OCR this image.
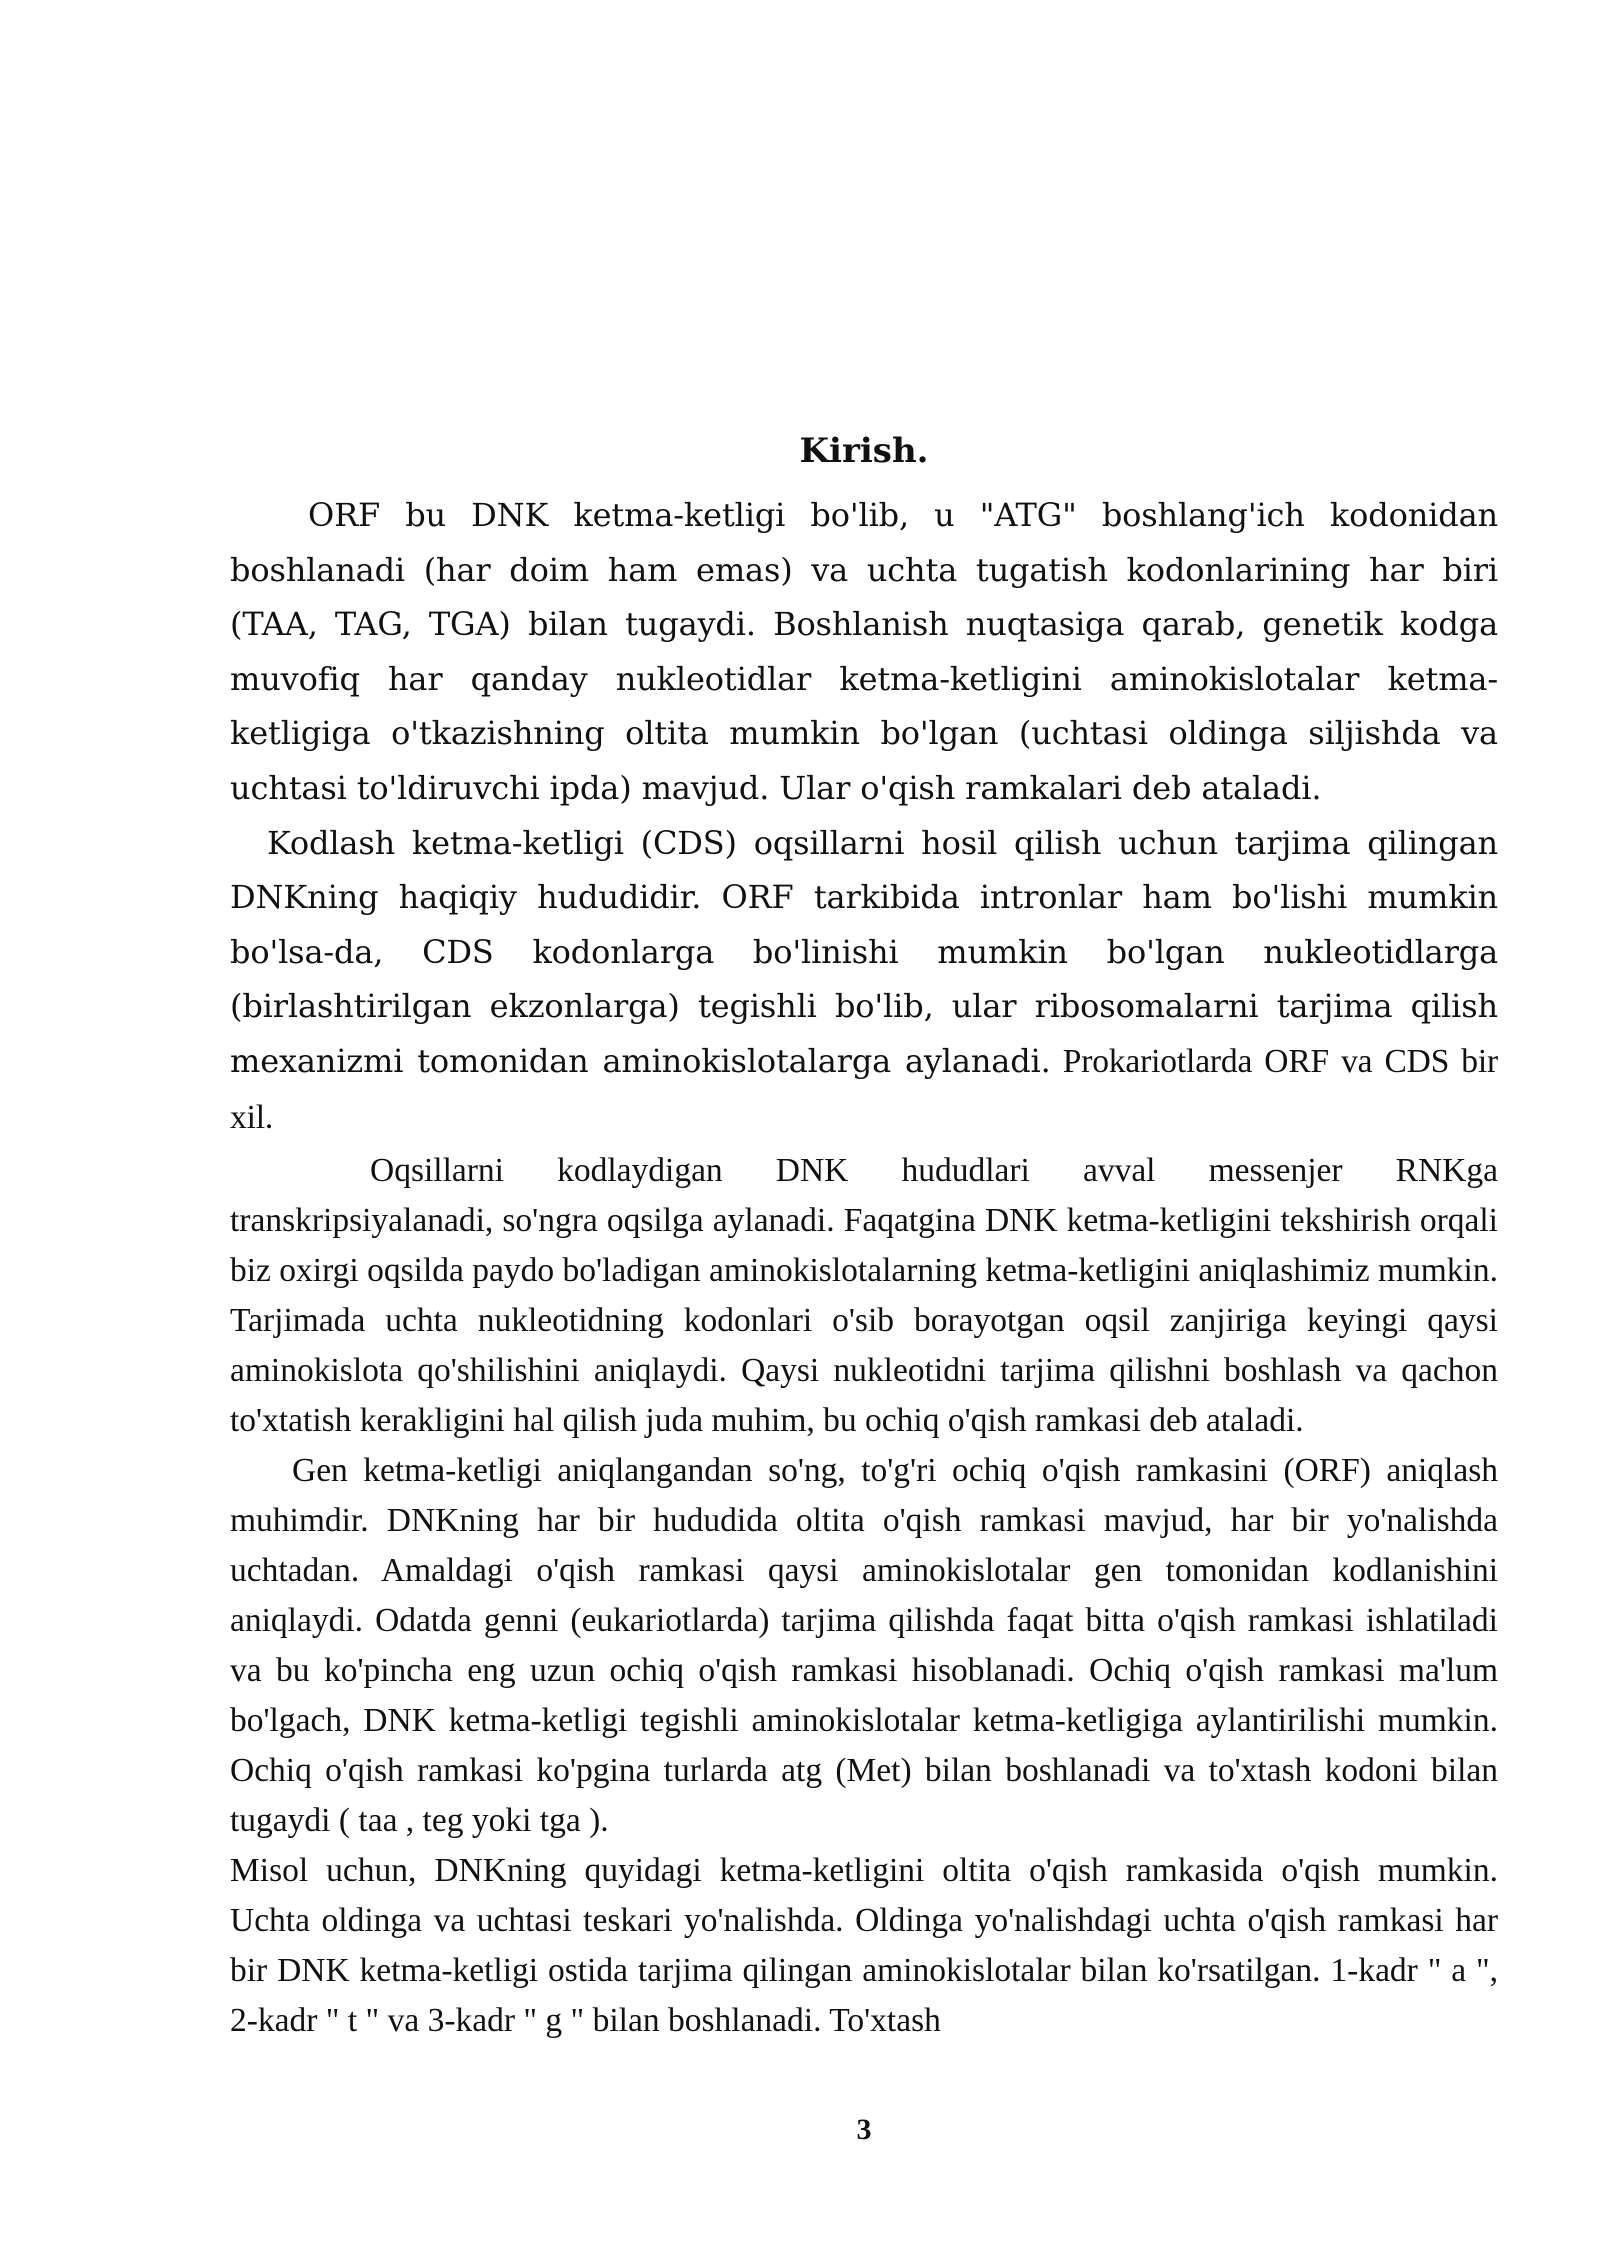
Kirish.

ORF bu DNK ketma-ketligi bo'lib, u "ATG" boshlang'ich kodonidan boshlanadi (har doim ham emas) va uchta tugatish kodonlarining har biri (TAA, TAG, TGA) bilan tugaydi. Boshlanish nuqtasiga qarab, genetik kodga muvofiq har qanday nukleotidlar ketma-ketligini aminokislotalar ketma-ketligiga o'tkazishning oltita mumkin bo'lgan (uchtasi oldinga siljishda va uchtasi to'ldiruvchi ipda) mavjud. Ular o'qish ramkalari deb ataladi.

Kodlash ketma-ketligi (CDS) oqsillarni hosil qilish uchun tarjima qilingan DNKning haqiqiy hududidir. ORF tarkibida intronlar ham bo'lishi mumkin bo'lsa-da, CDS kodonlarga bo'linishi mumkin bo'lgan nukleotidlarga (birlashtirilgan ekzonlarga) tegishli bo'lib, ular ribosomalarni tarjima qilish mexanizmi tomonidan aminokislotalarga aylanadi. Prokariotlarda ORF va CDS bir xil.

Oqsillarni kodlaydigan DNK hududlari avval messenjer RNKga transkripsiyalanadi, so'ngra oqsilga aylanadi. Faqatgina DNK ketma-ketligini tekshirish orqali biz oxirgi oqsilda paydo bo'ladigan aminokislotalarning ketma-ketligini aniqlashimiz mumkin. Tarjimada uchta nukleotidning kodonlari o'sib borayotgan oqsil zanjiriga keyingi qaysi aminokislota qo'shilishini aniqlaydi. Qaysi nukleotidni tarjima qilishni boshlash va qachon to'xtatish kerakligini hal qilish juda muhim, bu ochiq o'qish ramkasi deb ataladi.

Gen ketma-ketligi aniqlangandan so'ng, to'g'ri ochiq o'qish ramkasini (ORF) aniqlash muhimdir. DNKning har bir hududida oltita o'qish ramkasi mavjud, har bir yo'nalishda uchtadan. Amaldagi o'qish ramkasi qaysi aminokislotalar gen tomonidan kodlanishini aniqlaydi. Odatda genni (eukariotlarda) tarjima qilishda faqat bitta o'qish ramkasi ishlatiladi va bu ko'pincha eng uzun ochiq o'qish ramkasi hisoblanadi. Ochiq o'qish ramkasi ma'lum bo'lgach, DNK ketma-ketligi tegishli aminokislotalar ketma-ketligiga aylantirilishi mumkin. Ochiq o'qish ramkasi ko'pgina turlarda atg (Met) bilan boshlanadi va to'xtash kodoni bilan tugaydi ( taa , teg yoki tga ).

Misol uchun, DNKning quyidagi ketma-ketligini oltita o'qish ramkasida o'qish mumkin. Uchta oldinga va uchtasi teskari yo'nalishda. Oldinga yo'nalishdagi uchta o'qish ramkasi har bir DNK ketma-ketligi ostida tarjima qilingan aminokislotalar bilan ko'rsatilgan. 1-kadr " a ", 2-kadr " t " va 3-kadr " g " bilan boshlanadi. To'xtash

3
